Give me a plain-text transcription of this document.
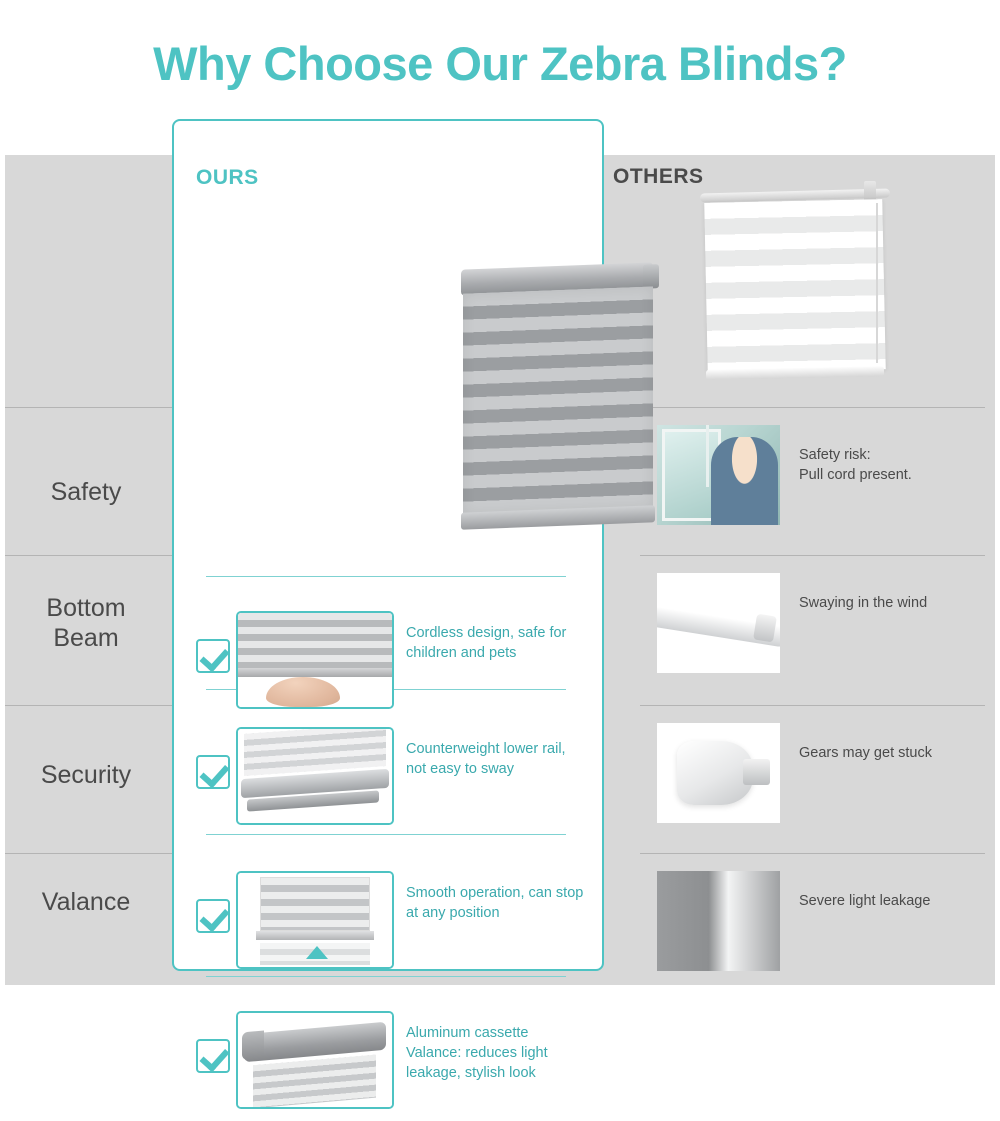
Why Choose Our Zebra Blinds?
Safety
Bottom
Beam
Security
Valance
OTHERS
Safety risk:
Pull cord present.
Swaying in the wind
Gears may get stuck
Severe light leakage
OURS
Cordless design, safe for children and pets
Counterweight lower rail, not easy to sway
Smooth operation, can stop at any position
Aluminum cassette Valance: reduces light leakage, stylish look
